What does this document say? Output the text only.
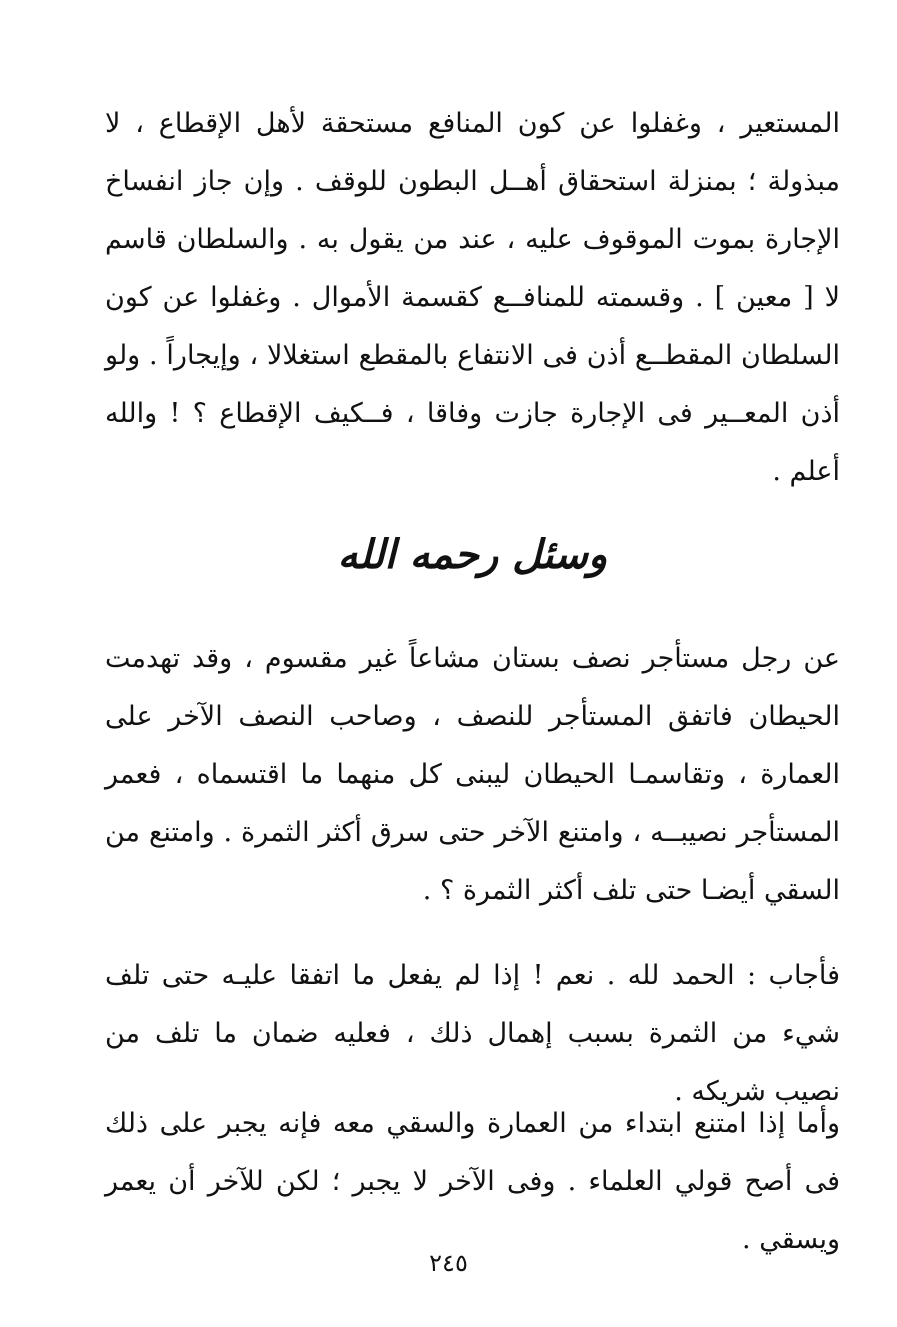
المستعير ، وغفلوا عن كون المنافع مستحقة لأهل الإقطاع ، لا مبذولة ؛ بمنزلة استحقاق أهــل البطون للوقف . وإن جاز انفساخ الإجارة بموت الموقوف عليه ، عند من يقول به . والسلطان قاسم لا [ معين ] . وقسمته للمنافــع كقسمة الأموال . وغفلوا عن كون السلطان المقطــع أذن فى الانتفاع بالمقطع استغلالا ، وإيجاراً . ولو أذن المعــير فى الإجارة جازت وفاقا ، فــكيف الإقطاع ؟ ! والله أعلم .

وسئل رحمه الله

عن رجل مستأجر نصف بستان مشاعاً غير مقسوم ، وقد تهدمت الحيطان فاتفق المستأجر للنصف ، وصاحب النصف الآخر على العمارة ، وتقاسمـا الحيطان ليبنى كل منهما ما اقتسماه ، فعمر المستأجر نصيبــه ، وامتنع الآخر حتى سرق أكثر الثمرة . وامتنع من السقي أيضـا حتى تلف أكثر الثمرة ؟ .

فأجاب : الحمد لله . نعم ! إذا لم يفعل ما اتفقا عليـه حتى تلف شيء من الثمرة بسبب إهمال ذلك ، فعليه ضمان ما تلف من نصيب شريكه .

وأما إذا امتنع ابتداء من العمارة والسقي معه فإنه يجبر على ذلك فى أصح قولي العلماء . وفى الآخر لا يجبر ؛ لكن للآخر أن يعمر ويسقي .

٢٤٥
